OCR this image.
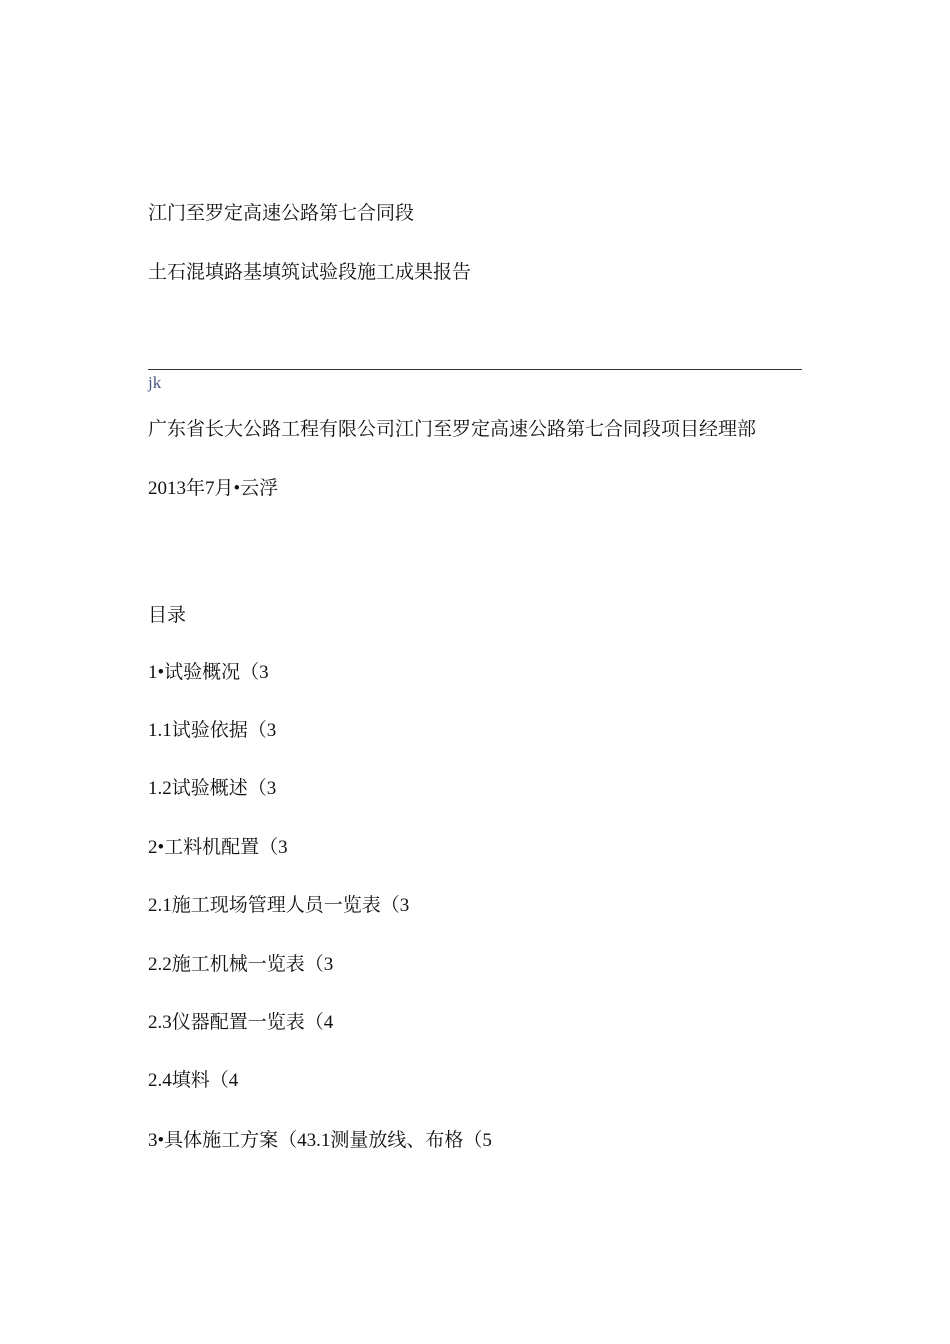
江门至罗定高速公路第七合同段
土石混填路基填筑试验段施工成果报告
jk
广东省长大公路工程有限公司江门至罗定高速公路第七合同段项目经理部
2013年7月•云浮
目录
1•试验概况（3
1.1试验依据（3
1.2试验概述（3
2•工料机配置（3
2.1施工现场管理人员一览表（3
2.2施工机械一览表（3
2.3仪器配置一览表（4
2.4填料（4
3•具体施工方案（43.1测量放线、布格（5
